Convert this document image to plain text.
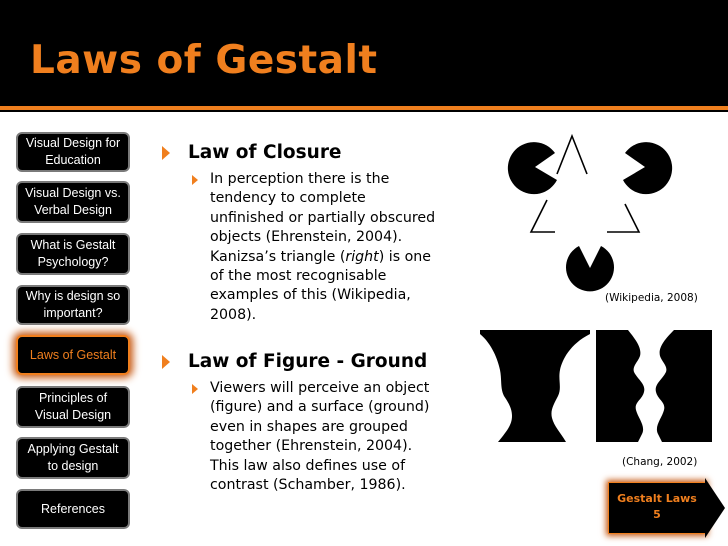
Laws of Gestalt
Visual Design for Education
Visual Design vs. Verbal Design
What is Gestalt Psychology?
Why is design so important?
Laws of Gestalt
Principles of Visual Design
Applying Gestalt to design
References
Law of Closure
In perception there is the
tendency to complete
unfinished or partially obscured
objects (Ehrenstein, 2004).
Kanizsa’s triangle (right) is one
of the most recognisable
examples of this (Wikipedia,
2008).
Law of Figure - Ground
Viewers will perceive an object
(figure) and a surface (ground)
even in shapes are grouped
together (Ehrenstein, 2004).
This law also defines use of
contrast (Schamber, 1986).
(Wikipedia, 2008)
(Chang, 2002)
Gestalt Laws
5
